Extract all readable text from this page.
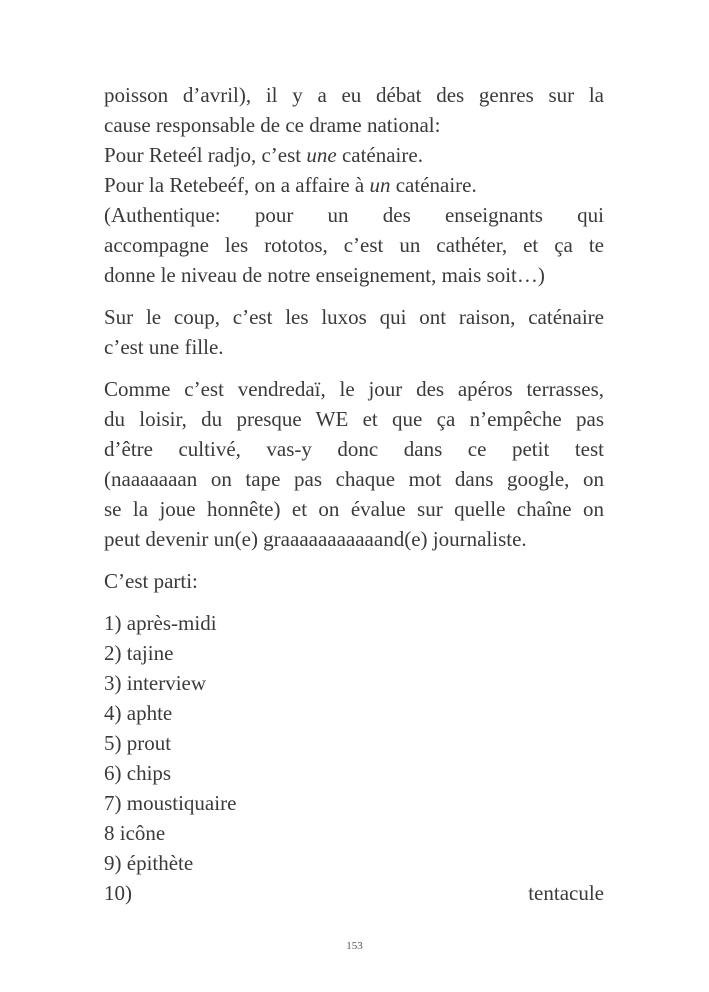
poisson d’avril), il y a eu débat des genres sur la
cause responsable de ce drame national:
Pour Reteél radjo, c’est une caténaire.
Pour la Retebeéf, on a affaire à un caténaire.
(Authentique: pour un des enseignants qui
accompagne les rototos, c’est un cathéter, et ça te
donne le niveau de notre enseignement, mais soit…)
Sur le coup, c’est les luxos qui ont raison, caténaire
c’est une fille.
Comme c’est vendredaï, le jour des apéros terrasses,
du loisir, du presque WE et que ça n’empêche pas
d’être cultivé, vas-y donc dans ce petit test
(naaaaaaan on tape pas chaque mot dans google, on
se la joue honnête) et on évalue sur quelle chaîne on
peut devenir un(e) graaaaaaaaaaand(e) journaliste.
C’est parti:
1) après-midi
2) tajine
3) interview
4) aphte
5) prout
6) chips
7) moustiquaire
8 icône
9) épithète
10)	tentacule
153
